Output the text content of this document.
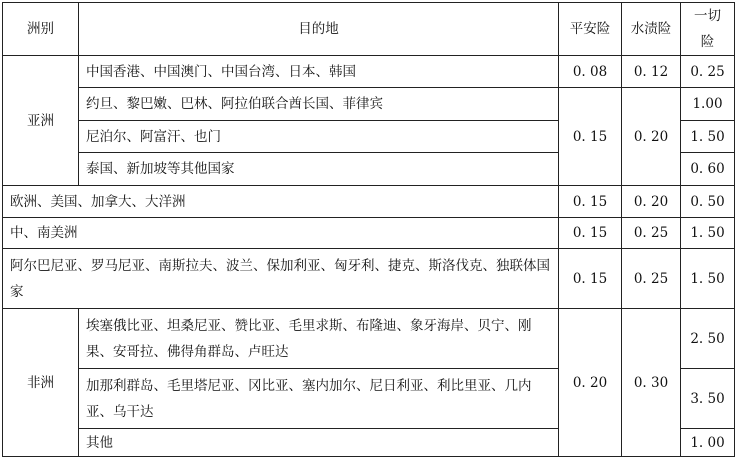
洲别	目的地	平安险	水渍险	一切险
亚洲	中国香港、中国澳门、中国台湾、日本、韩国	0. 08	0. 12	0. 25
	约旦、黎巴嫩、巴林、阿拉伯联合酋长国、菲律宾	0. 15	0. 20	1.00
	尼泊尔、阿富汗、也门			1. 50
	泰国、新加坡等其他国家			0. 60
欧洲、美国、加拿大、大洋洲		0. 15	0. 20	0. 50
中、南美洲		0. 15	0. 25	1. 50
阿尔巴尼亚、罗马尼亚、南斯拉夫、波兰、保加利亚、匈牙利、捷克、斯洛伐克、独联体国家		0. 15	0. 25	1. 50
非洲	埃塞俄比亚、坦桑尼亚、赞比亚、毛里求斯、布隆迪、象牙海岸、贝宁、刚果、安哥拉、佛得角群岛、卢旺达	0. 20	0. 30	2. 50
	加那利群岛、毛里塔尼亚、冈比亚、塞内加尔、尼日利亚、利比里亚、几内亚、乌干达			3. 50
	其他			1. 00
